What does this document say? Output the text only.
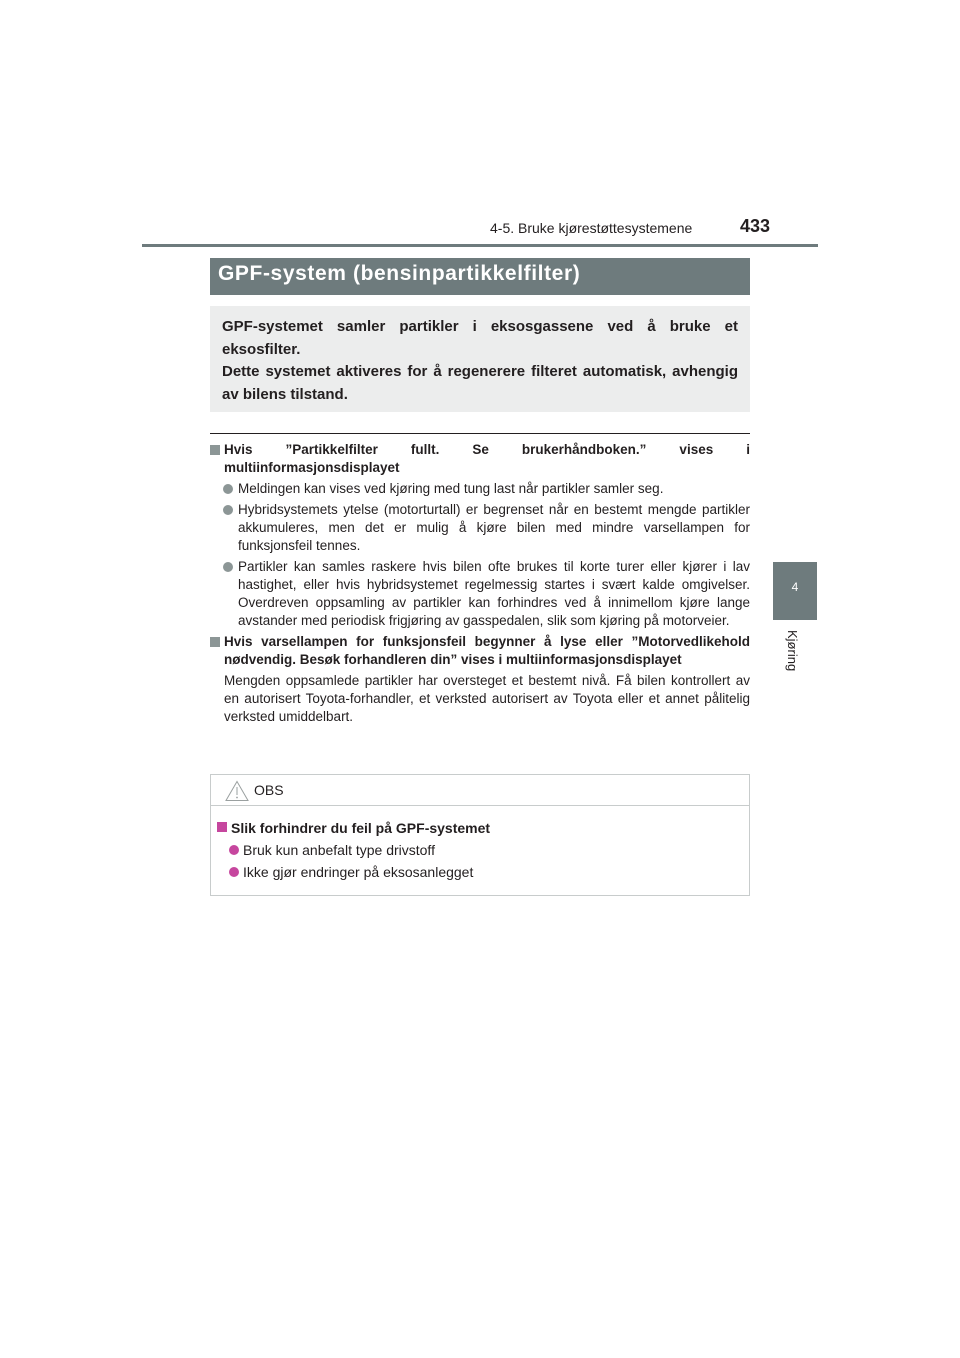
4-5. Bruke kjørestøttesystemene	433
4
Kjøring
GPF-system (bensinpartikkelfilter)

GPF-systemet samler partikler i eksosgassene ved å bruke et eksosfilter.
Dette systemet aktiveres for å regenerere filteret automatisk, avhengig av bilens tilstand.

Hvis ”Partikkelfilter fullt. Se brukerhåndboken.” vises i multiinformasjonsdisplayet

Meldingen kan vises ved kjøring med tung last når partikler samler seg.

Hybridsystemets ytelse (motorturtall) er begrenset når en bestemt mengde partikler akkumuleres, men det er mulig å kjøre bilen med mindre varsellampen for funksjonsfeil tennes.

Partikler kan samles raskere hvis bilen ofte brukes til korte turer eller kjører i lav hastighet, eller hvis hybridsystemet regelmessig startes i svært kalde omgivelser. Overdreven oppsamling av partikler kan forhindres ved å innimellom kjøre lange avstander med periodisk frigjøring av gasspedalen, slik som kjøring på motorveier.

Hvis varsellampen for funksjonsfeil begynner å lyse eller ”Motorvedlikehold nødvendig. Besøk forhandleren din” vises i multiinformasjonsdisplayet

Mengden oppsamlede partikler har oversteget et bestemt nivå. Få bilen kontrollert av en autorisert Toyota-forhandler, et verksted autorisert av Toyota eller et annet pålitelig verksted umiddelbart.

OBS

Slik forhindrer du feil på GPF-systemet

Bruk kun anbefalt type drivstoff

Ikke gjør endringer på eksosanlegget
